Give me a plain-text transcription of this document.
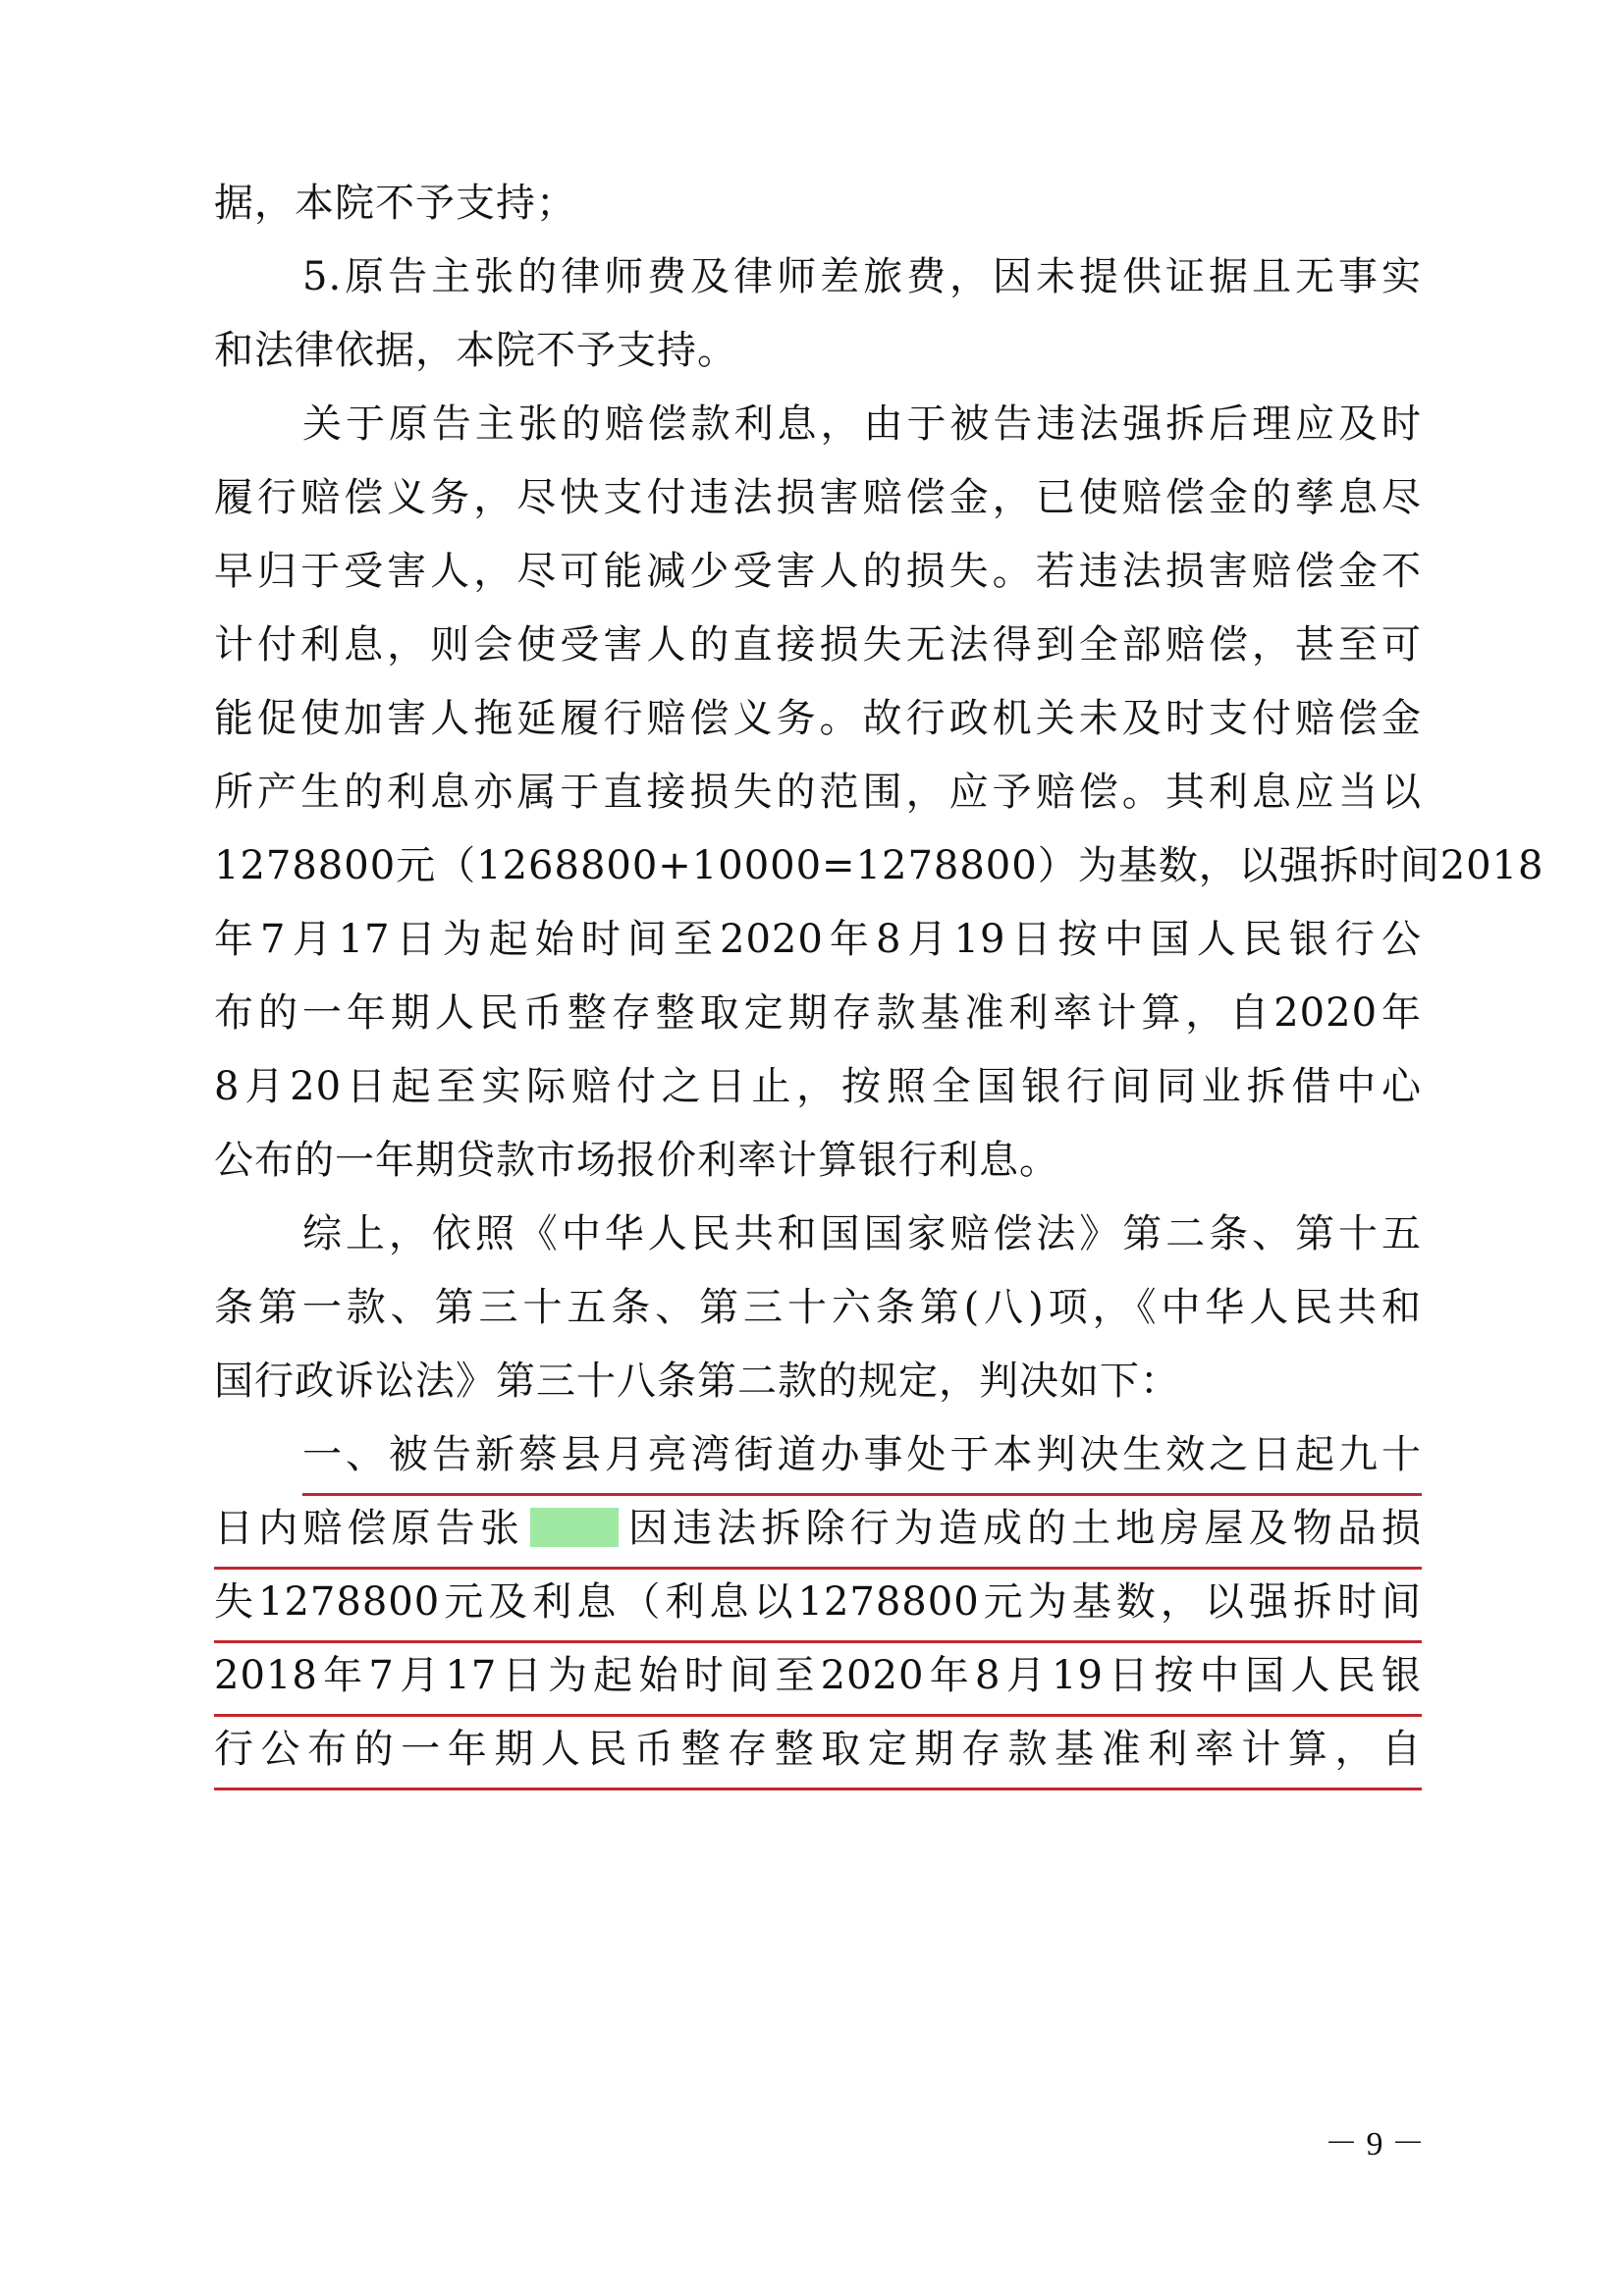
据，本院不予支持；
5.原告主张的律师费及律师差旅费，因未提供证据且无事实
和法律依据，本院不予支持。
关于原告主张的赔偿款利息，由于被告违法强拆后理应及时
履行赔偿义务，尽快支付违法损害赔偿金，已使赔偿金的孳息尽
早归于受害人，尽可能减少受害人的损失。若违法损害赔偿金不
计付利息，则会使受害人的直接损失无法得到全部赔偿，甚至可
能促使加害人拖延履行赔偿义务。故行政机关未及时支付赔偿金
所产生的利息亦属于直接损失的范围，应予赔偿。其利息应当以
1278800元（1268800+10000=1278800）为基数，以强拆时间2018
年7月17日为起始时间至2020年8月19日按中国人民银行公
布的一年期人民币整存整取定期存款基准利率计算，自2020年
8月20日起至实际赔付之日止，按照全国银行间同业拆借中心
公布的一年期贷款市场报价利率计算银行利息。
综上，依照《中华人民共和国国家赔偿法》第二条、第十五
条第一款、第三十五条、第三十六条第(八)项，《中华人民共和
国行政诉讼法》第三十八条第二款的规定，判决如下：
一、被告新蔡县月亮湾街道办事处于本判决生效之日起九十
日内赔偿原告张	因违法拆除行为造成的土地房屋及物品损
失1278800元及利息（利息以1278800元为基数，以强拆时间
2018年7月17日为起始时间至2020年8月19日按中国人民银
行公布的一年期人民币整存整取定期存款基准利率计算，自
－ 9 －
